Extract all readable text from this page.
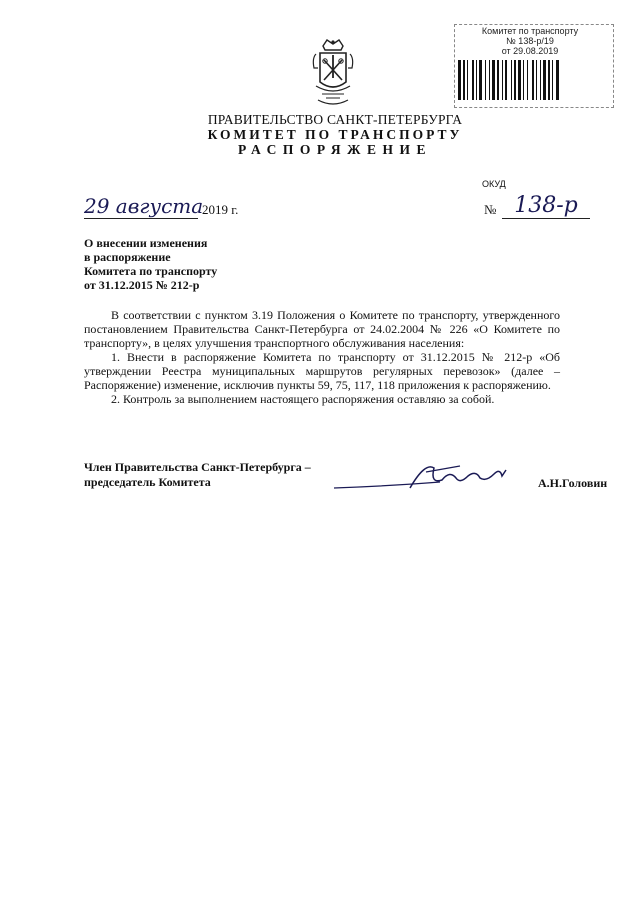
Комитет по транспорту
№ 138-р/19
от 29.08.2019
ПРАВИТЕЛЬСТВО САНКТ-ПЕТЕРБУРГА
КОМИТЕТ ПО ТРАНСПОРТУ
РАСПОРЯЖЕНИЕ
ОКУД
29 августа
2019 г.	№ 138-р
О внесении изменения
в распоряжение
Комитета по транспорту
от 31.12.2015 № 212-р

В соответствии с пунктом 3.19 Положения о Комитете по транспорту, утвержденного постановлением Правительства Санкт-Петербурга от 24.02.2004 № 226 «О Комитете по транспорту», в целях улучшения транспортного обслуживания населения:

1. Внести в распоряжение Комитета по транспорту от 31.12.2015 № 212-р «Об утверждении Реестра муниципальных маршрутов регулярных перевозок» (далее – Распоряжение) изменение, исключив пункты 59, 75, 117, 118 приложения к распоряжению.

2. Контроль за выполнением настоящего распоряжения оставляю за собой.

Член Правительства Санкт-Петербурга –
председатель Комитета	А.Н.Головин
